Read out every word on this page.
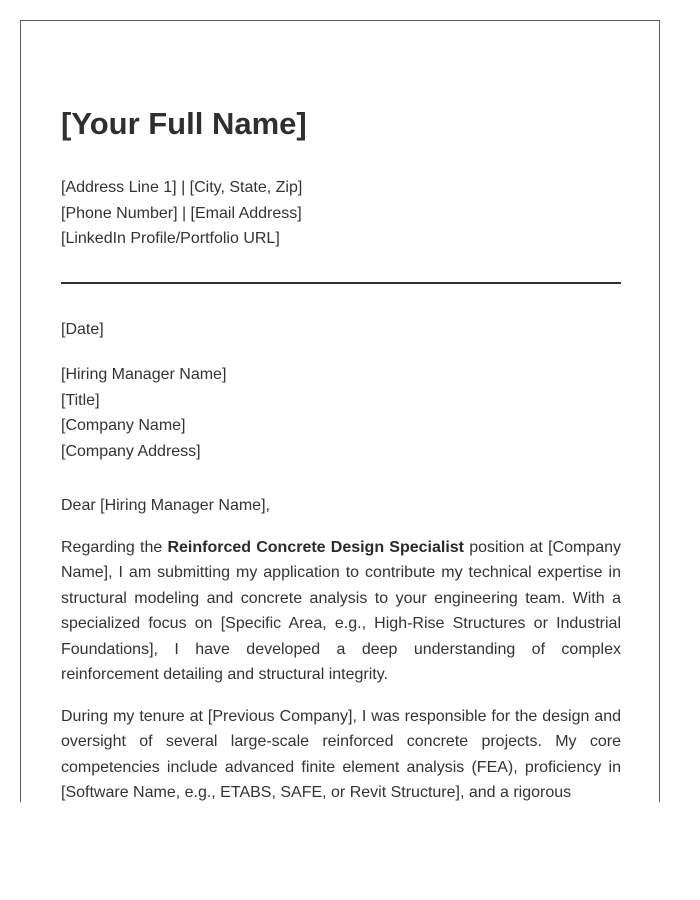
[Your Full Name]
[Address Line 1] | [City, State, Zip]
[Phone Number] | [Email Address]
[LinkedIn Profile/Portfolio URL]
[Date]
[Hiring Manager Name]
[Title]
[Company Name]
[Company Address]
Dear [Hiring Manager Name],

Regarding the Reinforced Concrete Design Specialist position at [Company Name], I am submitting my application to contribute my technical expertise in structural modeling and concrete analysis to your engineering team. With a specialized focus on [Specific Area, e.g., High-Rise Structures or Industrial Foundations], I have developed a deep understanding of complex reinforcement detailing and structural integrity.

During my tenure at [Previous Company], I was responsible for the design and oversight of several large-scale reinforced concrete projects. My core competencies include advanced finite element analysis (FEA), proficiency in [Software Name, e.g., ETABS, SAFE, or Revit Structure], and a rigorous
